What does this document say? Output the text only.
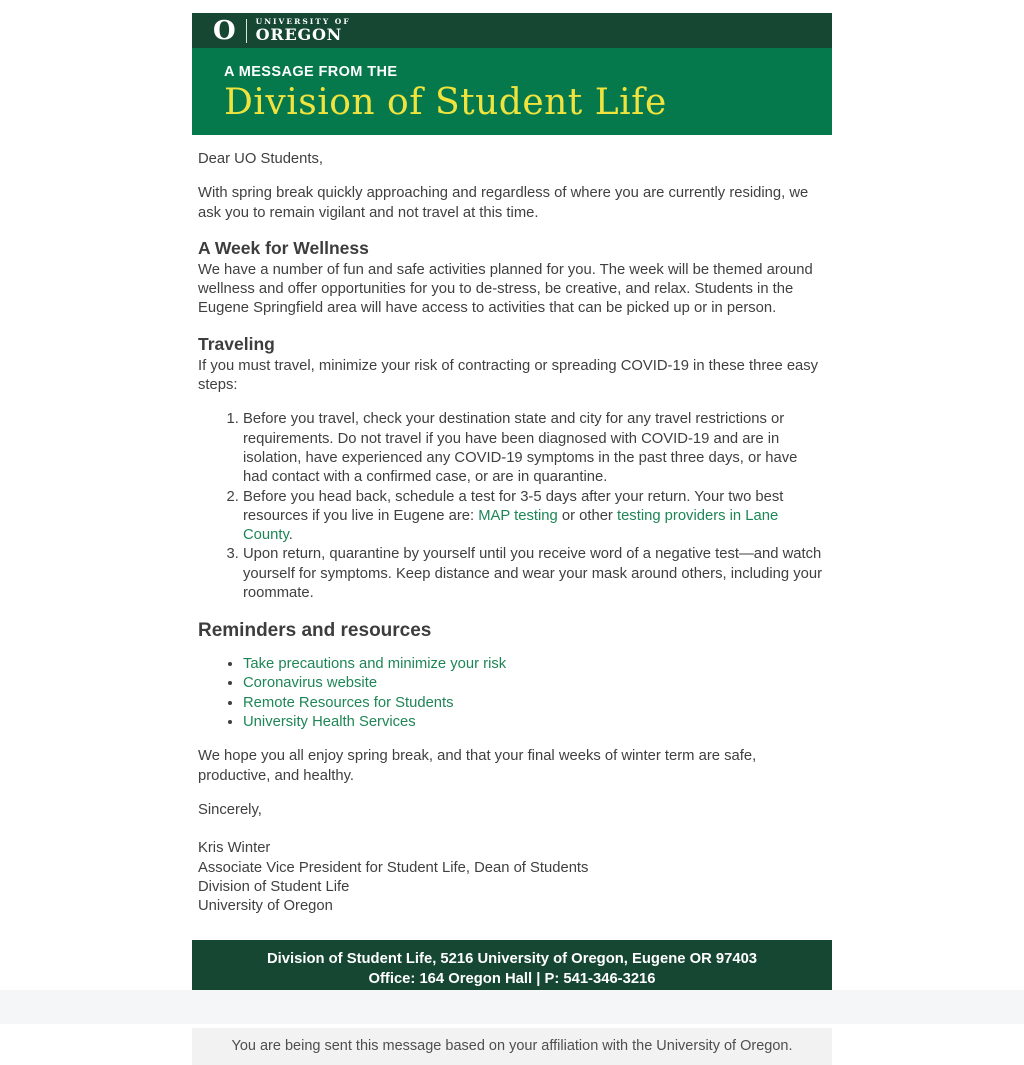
O	UNIVERSITY OF
OREGON
A MESSAGE FROM THE
Division of Student Life

Dear UO Students,

With spring break quickly approaching and regardless of where you are currently residing, we ask you to remain vigilant and not travel at this time.

A Week for Wellness

We have a number of fun and safe activities planned for you. The week will be themed around wellness and offer opportunities for you to de-stress, be creative, and relax. Students in the Eugene Springfield area will have access to activities that can be picked up or in person.

Traveling

If you must travel, minimize your risk of contracting or spreading COVID-19 in these three easy steps:

1. Before you travel, check your destination state and city for any travel restrictions or requirements. Do not travel if you have been diagnosed with COVID-19 and are in isolation, have experienced any COVID-19 symptoms in the past three days, or have had contact with a confirmed case, or are in quarantine.
2. Before you head back, schedule a test for 3-5 days after your return. Your two best resources if you live in Eugene are: MAP testing or other testing providers in Lane County.
3. Upon return, quarantine by yourself until you receive word of a negative test—and watch yourself for symptoms. Keep distance and wear your mask around others, including your roommate.
Reminders and resources
• Take precautions and minimize your risk
• Coronavirus website
• Remote Resources for Students
• University Health Services

We hope you all enjoy spring break, and that your final weeks of winter term are safe, productive, and healthy.

Sincerely,

Kris Winter
Associate Vice President for Student Life, Dean of Students
Division of Student Life
University of Oregon
Division of Student Life, 5216 University of Oregon, Eugene OR 97403
Office: 164 Oregon Hall | P: 541-346-3216
You are being sent this message based on your affiliation with the University of Oregon.
